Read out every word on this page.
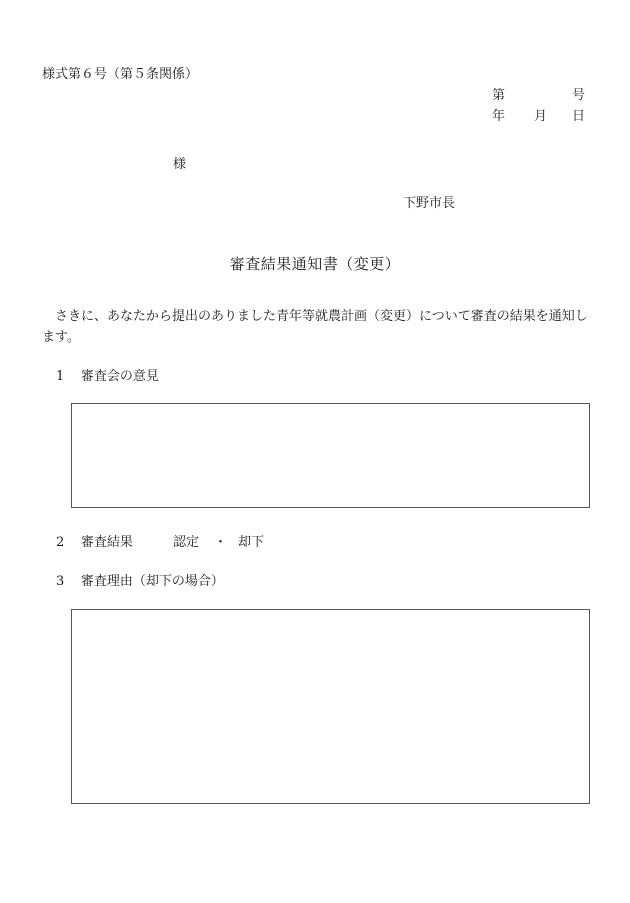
様式第６号（第５条関係）
第	号
年 月 日
様
下野市長
審査結果通知書（変更）
さきに、あなたから提出のありました青年等就農計画（変更）について審査の結果を通知します。
1 審査会の意見
2 審査結果	認定 ・ 却下
3 審査理由（却下の場合）
